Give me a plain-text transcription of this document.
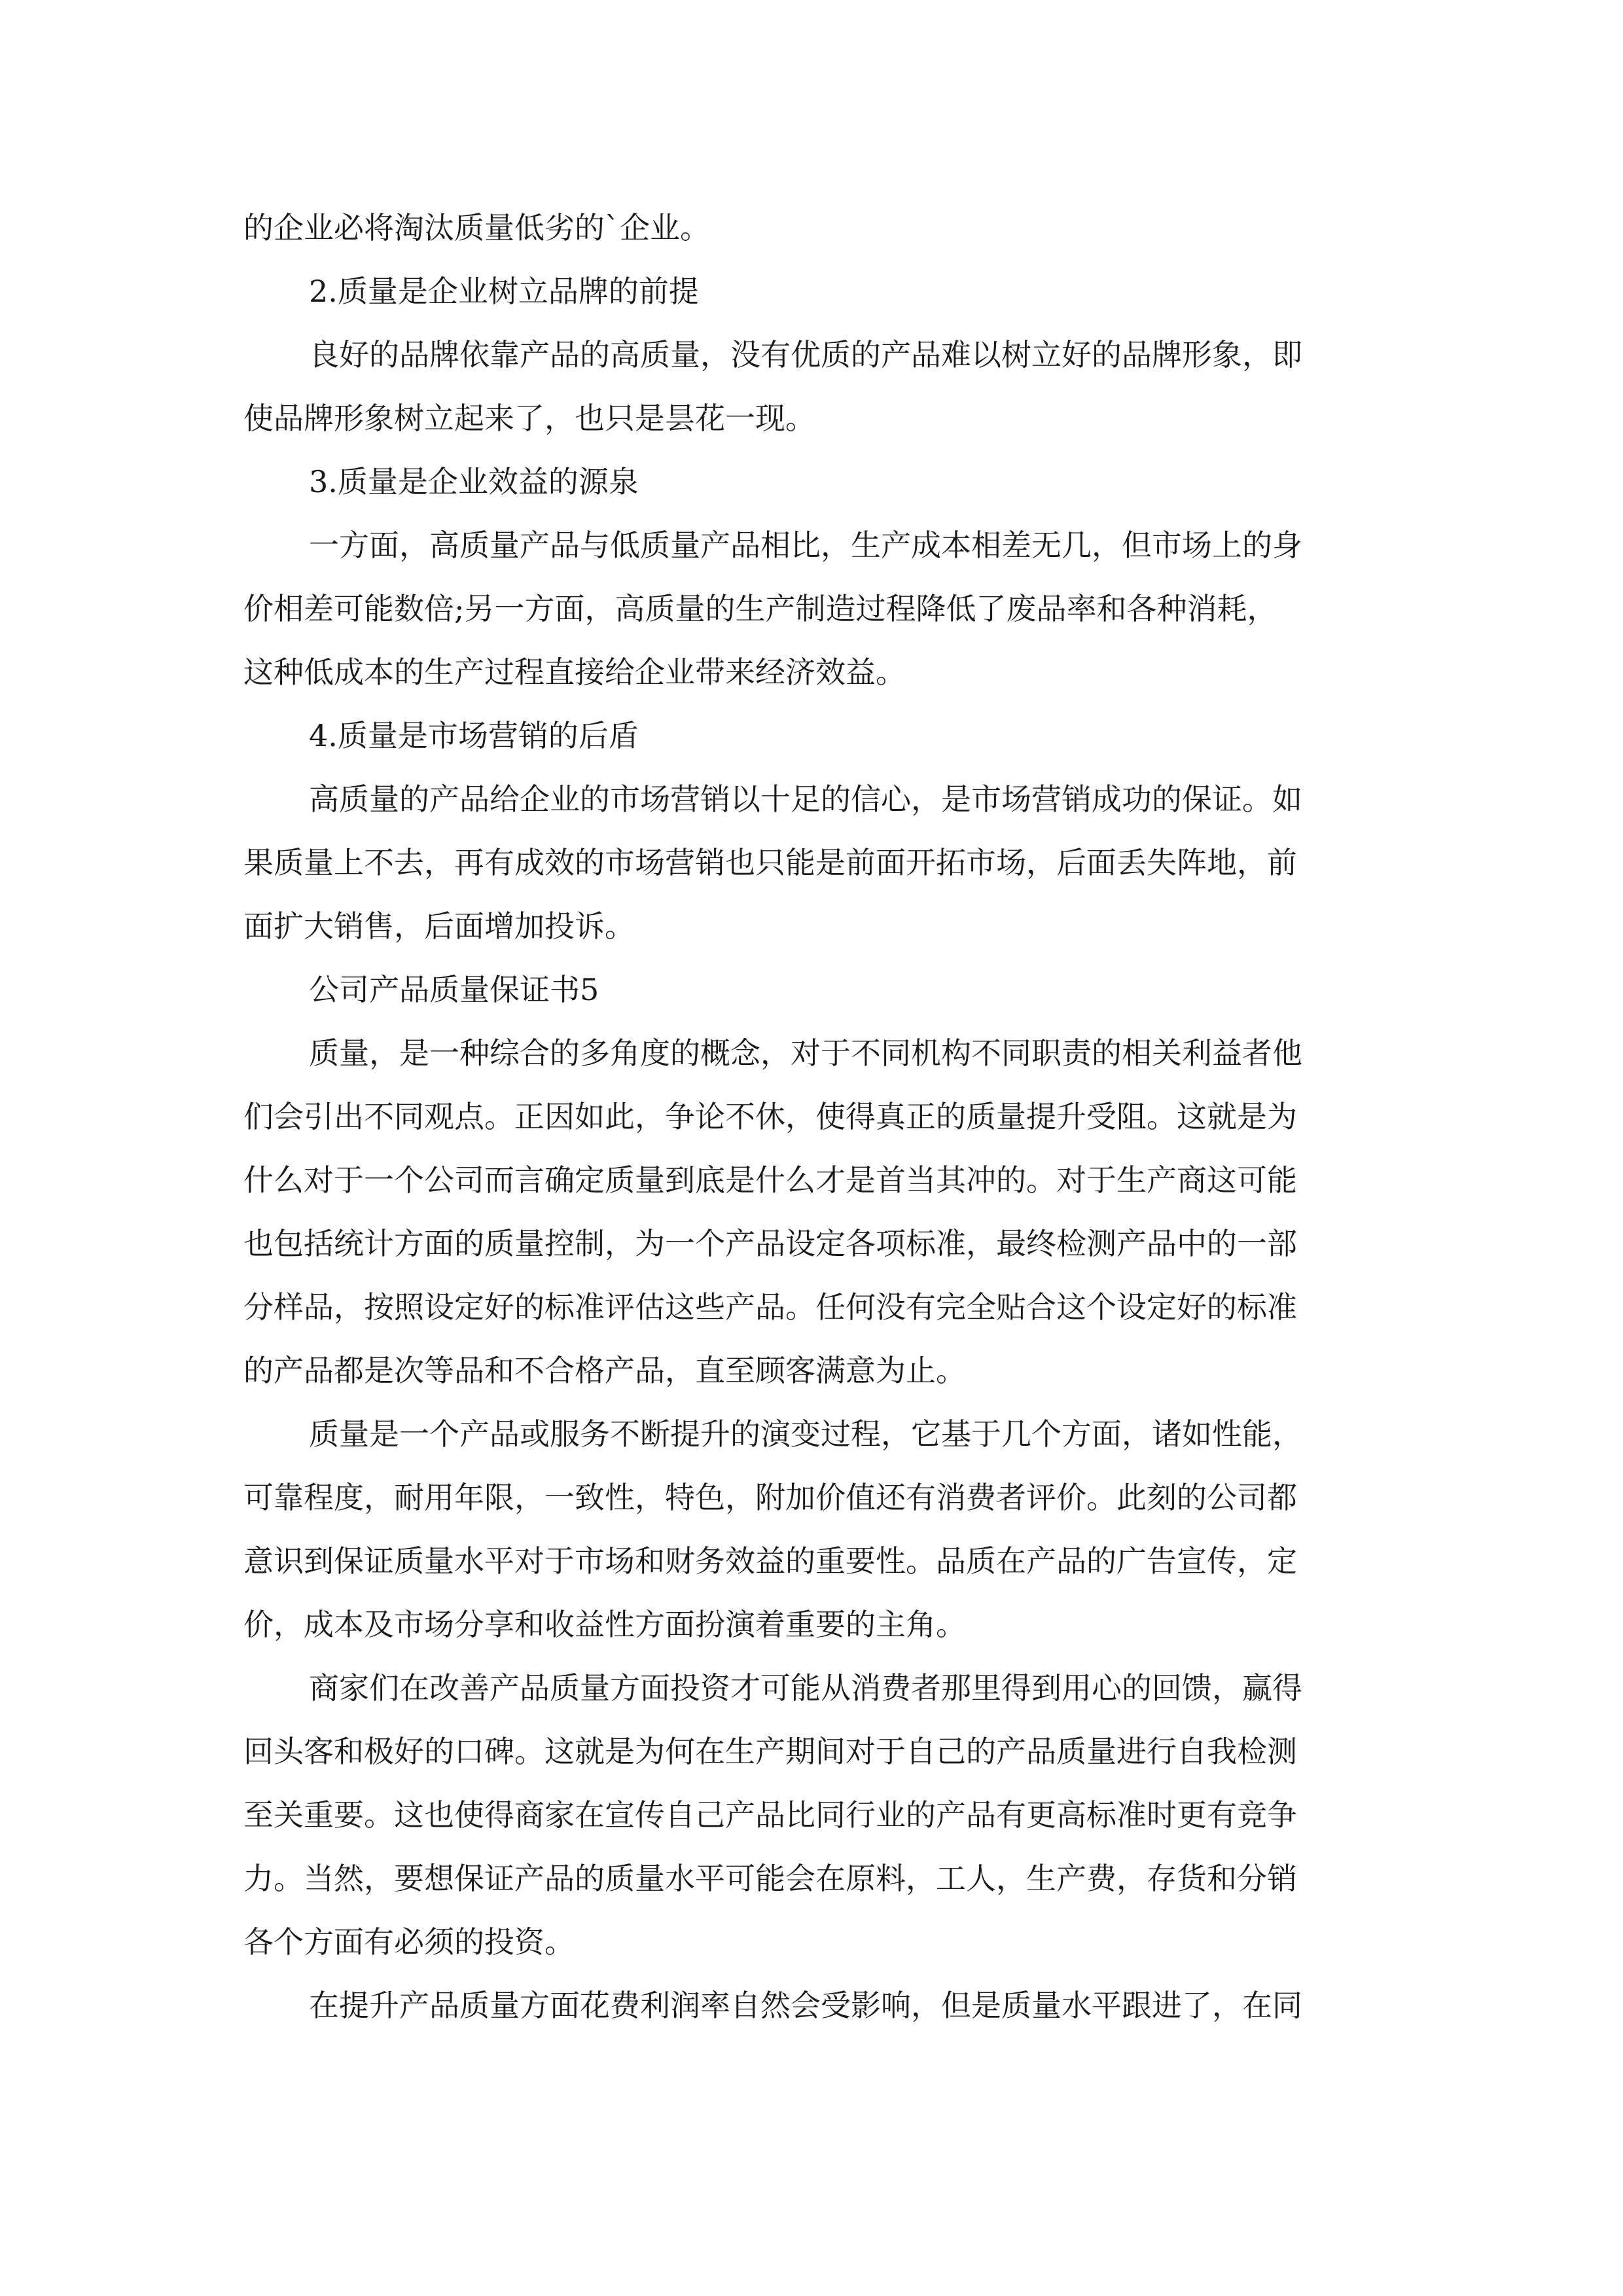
的企业必将淘汰质量低劣的`企业。
2.质量是企业树立品牌的前提
良好的品牌依靠产品的高质量，没有优质的产品难以树立好的品牌形象，即
使品牌形象树立起来了，也只是昙花一现。
3.质量是企业效益的源泉
一方面，高质量产品与低质量产品相比，生产成本相差无几，但市场上的身
价相差可能数倍;另一方面，高质量的生产制造过程降低了废品率和各种消耗，
这种低成本的生产过程直接给企业带来经济效益。
4.质量是市场营销的后盾
高质量的产品给企业的市场营销以十足的信心，是市场营销成功的保证。如
果质量上不去，再有成效的市场营销也只能是前面开拓市场，后面丢失阵地，前
面扩大销售，后面增加投诉。
公司产品质量保证书5
质量，是一种综合的多角度的概念，对于不同机构不同职责的相关利益者他
们会引出不同观点。正因如此，争论不休，使得真正的质量提升受阻。这就是为
什么对于一个公司而言确定质量到底是什么才是首当其冲的。对于生产商这可能
也包括统计方面的质量控制，为一个产品设定各项标准，最终检测产品中的一部
分样品，按照设定好的标准评估这些产品。任何没有完全贴合这个设定好的标准
的产品都是次等品和不合格产品，直至顾客满意为止。
质量是一个产品或服务不断提升的演变过程，它基于几个方面，诸如性能，
可靠程度，耐用年限，一致性，特色，附加价值还有消费者评价。此刻的公司都
意识到保证质量水平对于市场和财务效益的重要性。品质在产品的广告宣传，定
价，成本及市场分享和收益性方面扮演着重要的主角。
商家们在改善产品质量方面投资才可能从消费者那里得到用心的回馈，赢得
回头客和极好的口碑。这就是为何在生产期间对于自己的产品质量进行自我检测
至关重要。这也使得商家在宣传自己产品比同行业的产品有更高标准时更有竞争
力。当然，要想保证产品的质量水平可能会在原料，工人，生产费，存货和分销
各个方面有必须的投资。
在提升产品质量方面花费利润率自然会受影响，但是质量水平跟进了，在同
